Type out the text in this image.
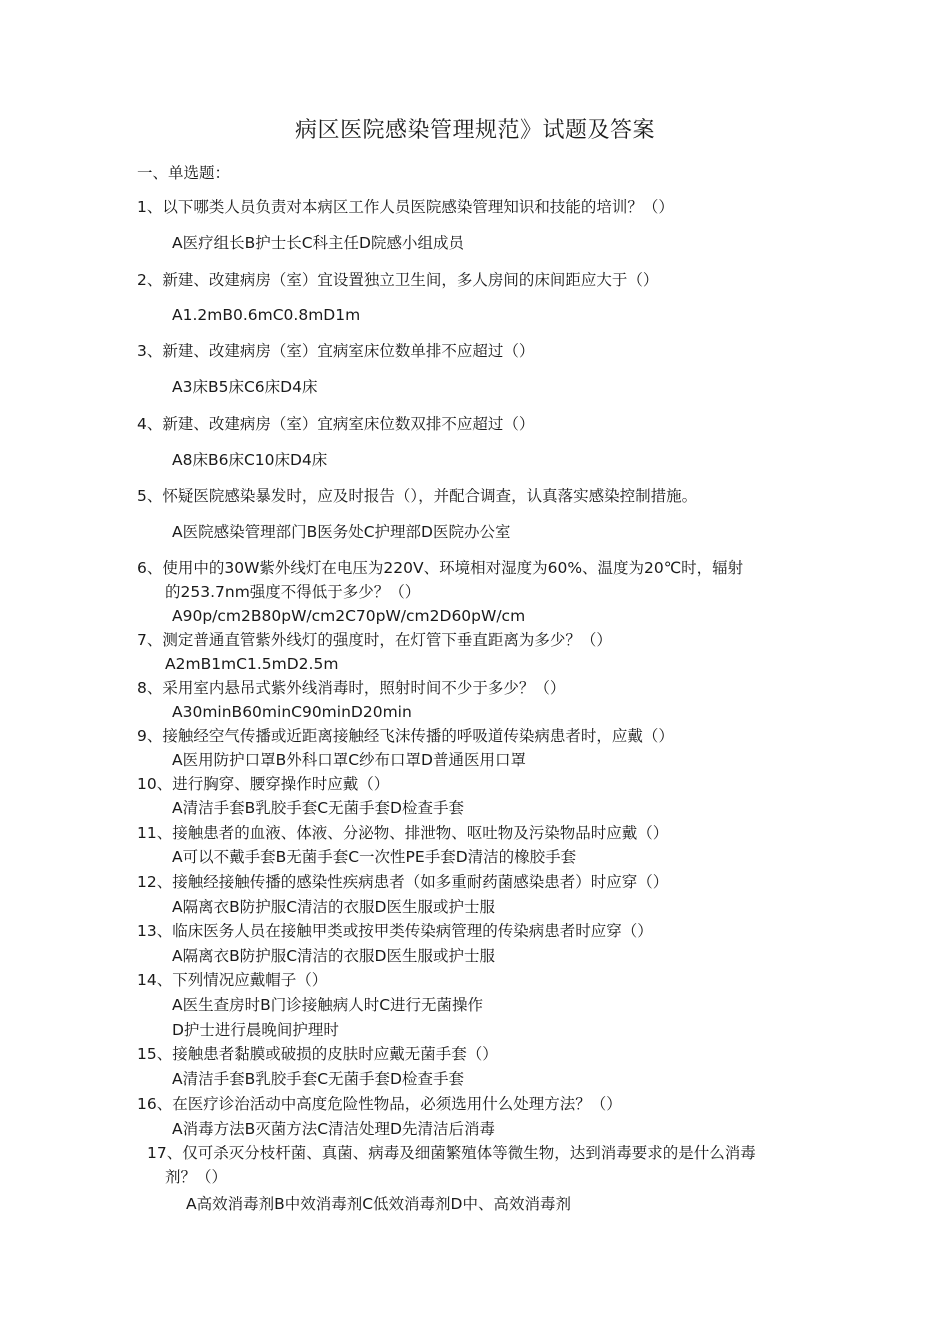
病区医院感染管理规范》试题及答案
一、单选题：
1、以下哪类人员负责对本病区工作人员医院感染管理知识和技能的培训？（）
A医疗组长B护士长C科主任D院感小组成员
2、新建、改建病房（室）宜设置独立卫生间，多人房间的床间距应大于（）
A1.2mB0.6mC0.8mD1m
3、新建、改建病房（室）宜病室床位数单排不应超过（）
A3床B5床C6床D4床
4、新建、改建病房（室）宜病室床位数双排不应超过（）
A8床B6床C10床D4床
5、怀疑医院感染暴发时，应及时报告（），并配合调查，认真落实感染控制措施。
A医院感染管理部门B医务处C护理部D医院办公室
6、使用中的30W紫外线灯在电压为220V、环境相对湿度为60%、温度为20℃时，辐射
的253.7nm强度不得低于多少？（）
A90p/cm2B80pW/cm2C70pW/cm2D60pW/cm
7、测定普通直管紫外线灯的强度时，在灯管下垂直距离为多少？（）
A2mB1mC1.5mD2.5m
8、采用室内悬吊式紫外线消毒时，照射时间不少于多少？（）
A30minB60minC90minD20min
9、接触经空气传播或近距离接触经飞沫传播的呼吸道传染病患者时，应戴（）
A医用防护口罩B外科口罩C纱布口罩D普通医用口罩
10、进行胸穿、腰穿操作时应戴（）
A清洁手套B乳胶手套C无菌手套D检查手套
11、接触患者的血液、体液、分泌物、排泄物、呕吐物及污染物品时应戴（）
A可以不戴手套B无菌手套C一次性PE手套D清洁的橡胶手套
12、接触经接触传播的感染性疾病患者（如多重耐药菌感染患者）时应穿（）
A隔离衣B防护服C清洁的衣服D医生服或护士服
13、临床医务人员在接触甲类或按甲类传染病管理的传染病患者时应穿（）
A隔离衣B防护服C清洁的衣服D医生服或护士服
14、下列情况应戴帽子（）
A医生查房时B门诊接触病人时C进行无菌操作
D护士进行晨晚间护理时
15、接触患者黏膜或破损的皮肤时应戴无菌手套（）
A清洁手套B乳胶手套C无菌手套D检查手套
16、在医疗诊治活动中高度危险性物品，必须选用什么处理方法？（）
A消毒方法B灭菌方法C清洁处理D先清洁后消毒
17、仅可杀灭分枝杆菌、真菌、病毒及细菌繁殖体等微生物，达到消毒要求的是什么消毒
剂？（）
A高效消毒剂B中效消毒剂C低效消毒剂D中、高效消毒剂
